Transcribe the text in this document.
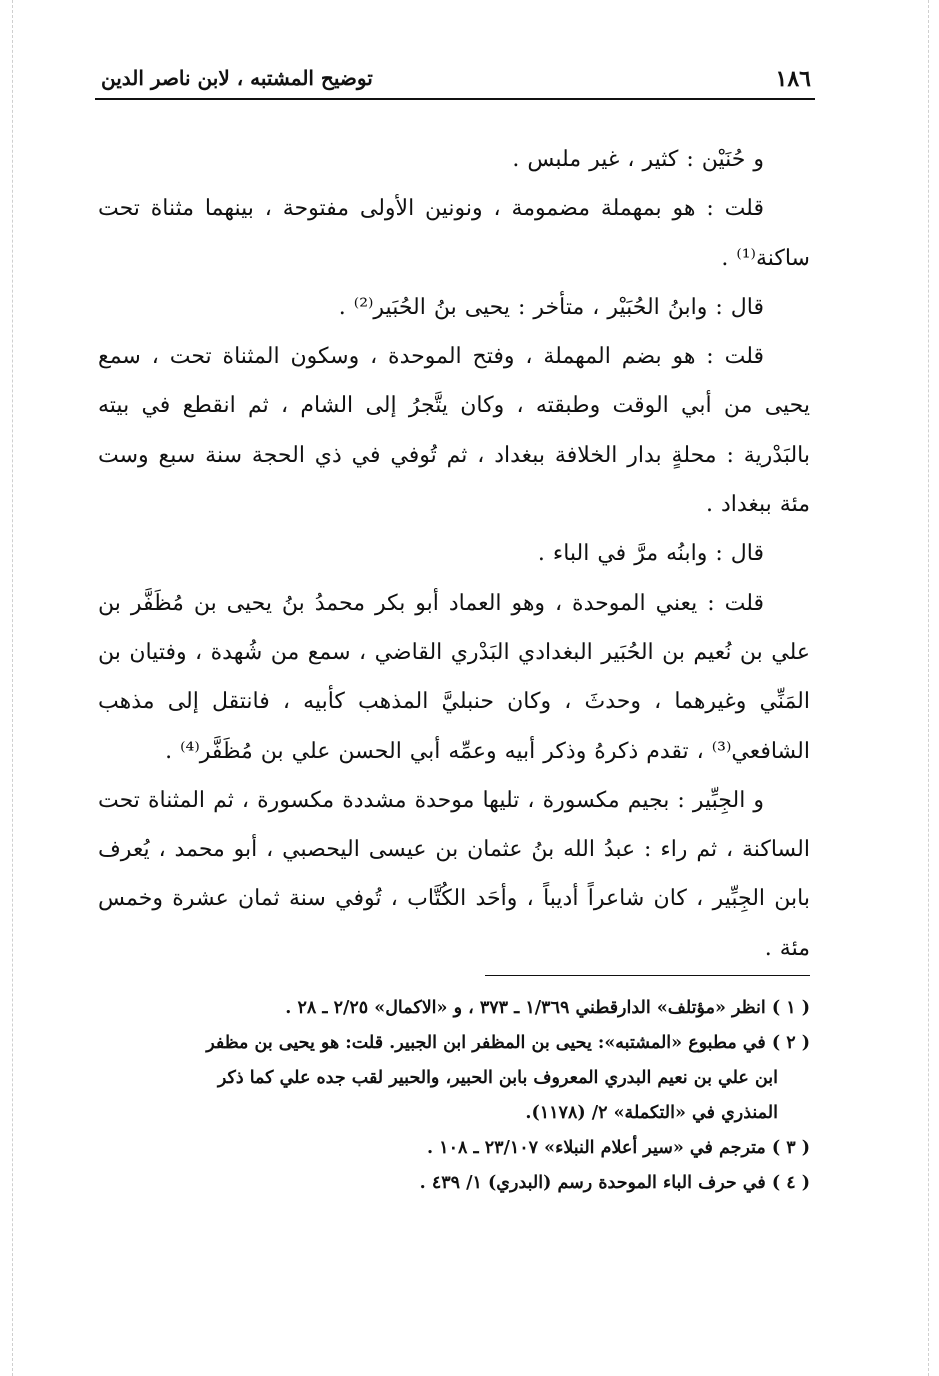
١٨٦
توضيح المشتبه ، لابن ناصر الدين

و حُنَيْن : كثير ، غير ملبس .

قلت : هو بمهملة مضمومة ، ونونين الأولى مفتوحة ، بينهما مثناة تحت ساكنة⁽¹⁾ .

قال : وابنُ الحُبَيْر ، متأخر : يحيى بنُ الحُبَير⁽²⁾ .

قلت : هو بضم المهملة ، وفتح الموحدة ، وسكون المثناة تحت ، سمع يحيى من أبي الوقت وطبقته ، وكان يتَّجرُ إلى الشام ، ثم انقطع في بيته بالبَدْرية : محلةٍ بدار الخلافة ببغداد ، ثم تُوفي في ذي الحجة سنة سبع وست مئة ببغداد .

قال : وابنُه مرَّ في الباء .

قلت : يعني الموحدة ، وهو العماد أبو بكر محمدُ بنُ يحيى بن مُظَفَّر بن علي بن نُعيم بن الحُبَير البغدادي البَدْري القاضي ، سمع من شُهدة ، وفتيان بن المَنِّي وغيرهما ، وحدثَ ، وكان حنبليَّ المذهب كأبيه ، فانتقل إلى مذهب الشافعي⁽³⁾ ، تقدم ذكرهُ وذكر أبيه وعمِّه أبي الحسن علي بن مُظَفَّر⁽⁴⁾ .

و الجِبِّير : بجيم مكسورة ، تليها موحدة مشددة مكسورة ، ثم المثناة تحت الساكنة ، ثم راء : عبدُ الله بنُ عثمان بن عيسى اليحصبي ، أبو محمد ، يُعرف بابن الجِبِّير ، كان شاعراً أديباً ، وأحَد الكُتَّاب ، تُوفي سنة ثمان عشرة وخمس مئة .

( ١ ) انظر «مؤتلف» الدارقطني ١/٣٦٩ ـ ٣٧٣ ، و «الاكمال» ٢/٢٥ ـ ٢٨ .

( ٢ ) في مطبوع «المشتبه»: يحيى بن المظفر ابن الجبير. قلت: هو يحيى بن مظفر
ابن علي بن نعيم البدري المعروف بابن الحبير، والحبير لقب جده علي كما ذكر
المنذري في «التكملة» ٢/ (١١٧٨).

( ٣ ) مترجم في «سير أعلام النبلاء» ٢٣/١٠٧ ـ ١٠٨ .

( ٤ ) في حرف الباء الموحدة رسم (البدري) ١/ ٤٣٩ .
